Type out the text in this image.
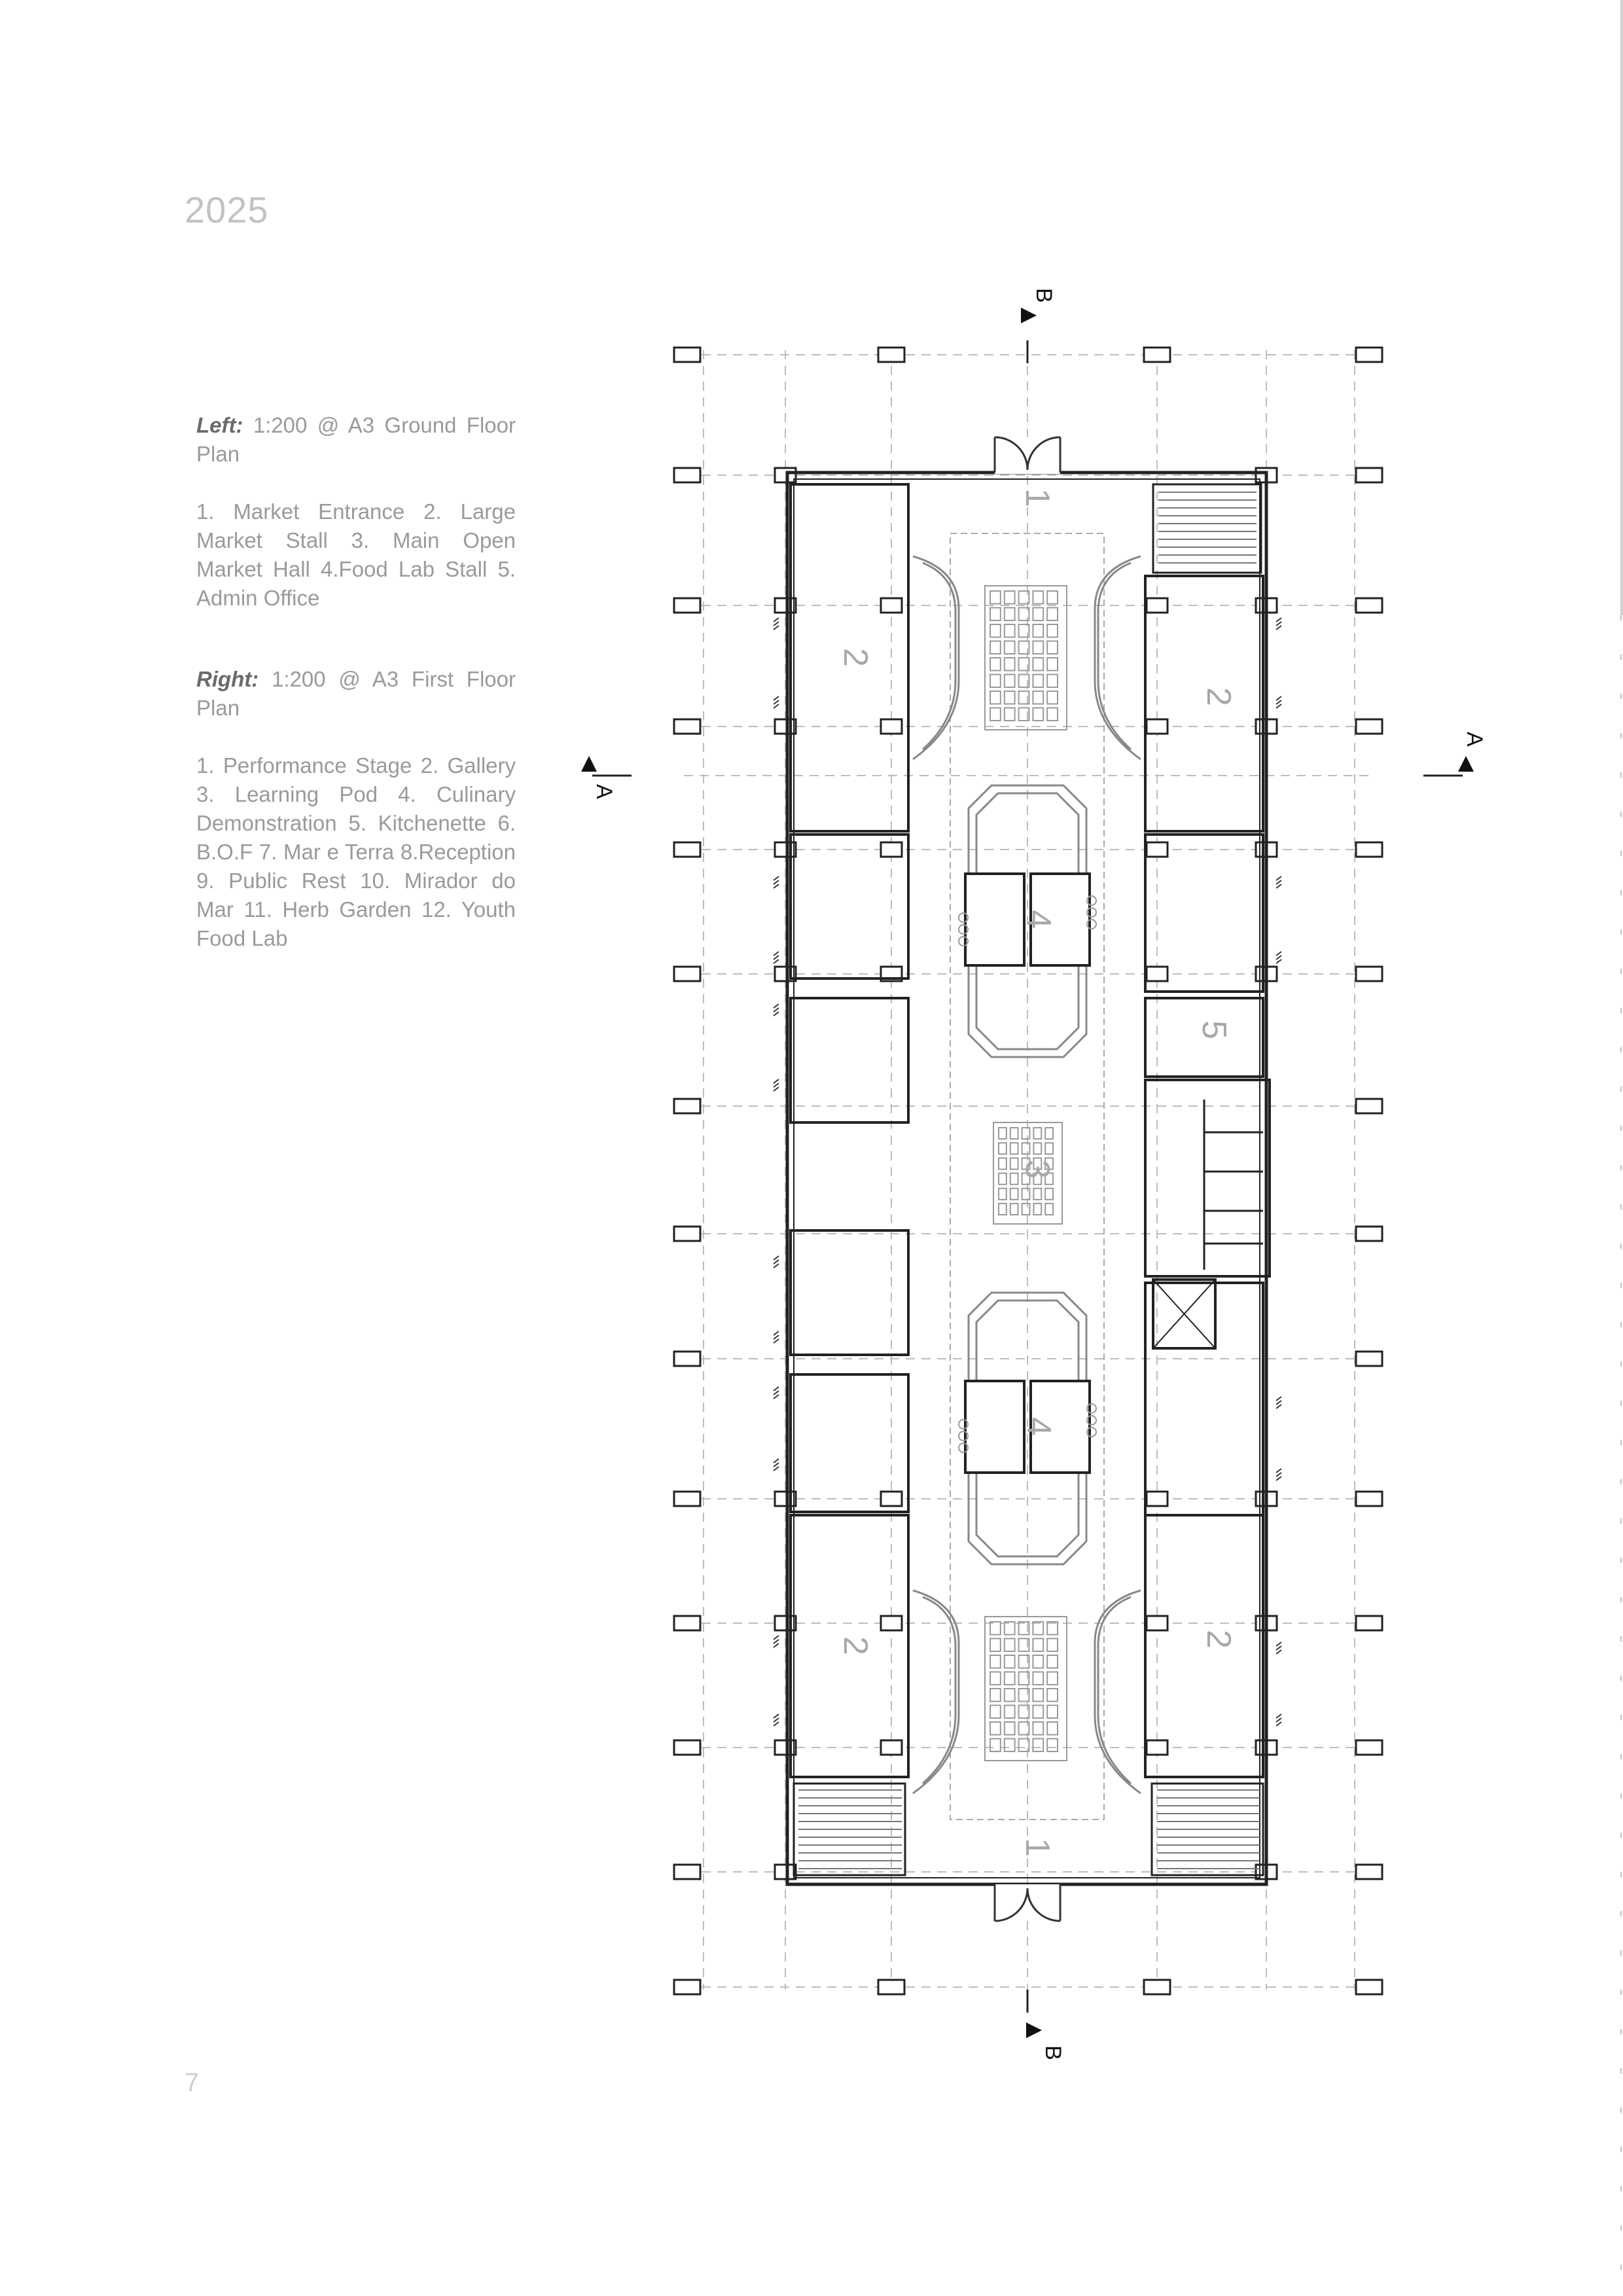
2025

Left: 1:200 @ A3 Ground Floor Plan

1. Market Entrance 2. Large Market Stall 3. Main Open Market Hall 4.Food Lab Stall 5. Admin Office

Right: 1:200 @ A3 First Floor Plan

1. Performance Stage 2. Gallery 3. Learning Pod 4. Culinary Demonstration 5. Kitchenette 6. B.O.F 7. Mar e Terra 8.Reception 9. Public Rest 10. Mirador do Mar 11. Herb Garden 12. Youth Food Lab

7
B
B
A
A
1
1
2
2
2	2
3
4
4
5
